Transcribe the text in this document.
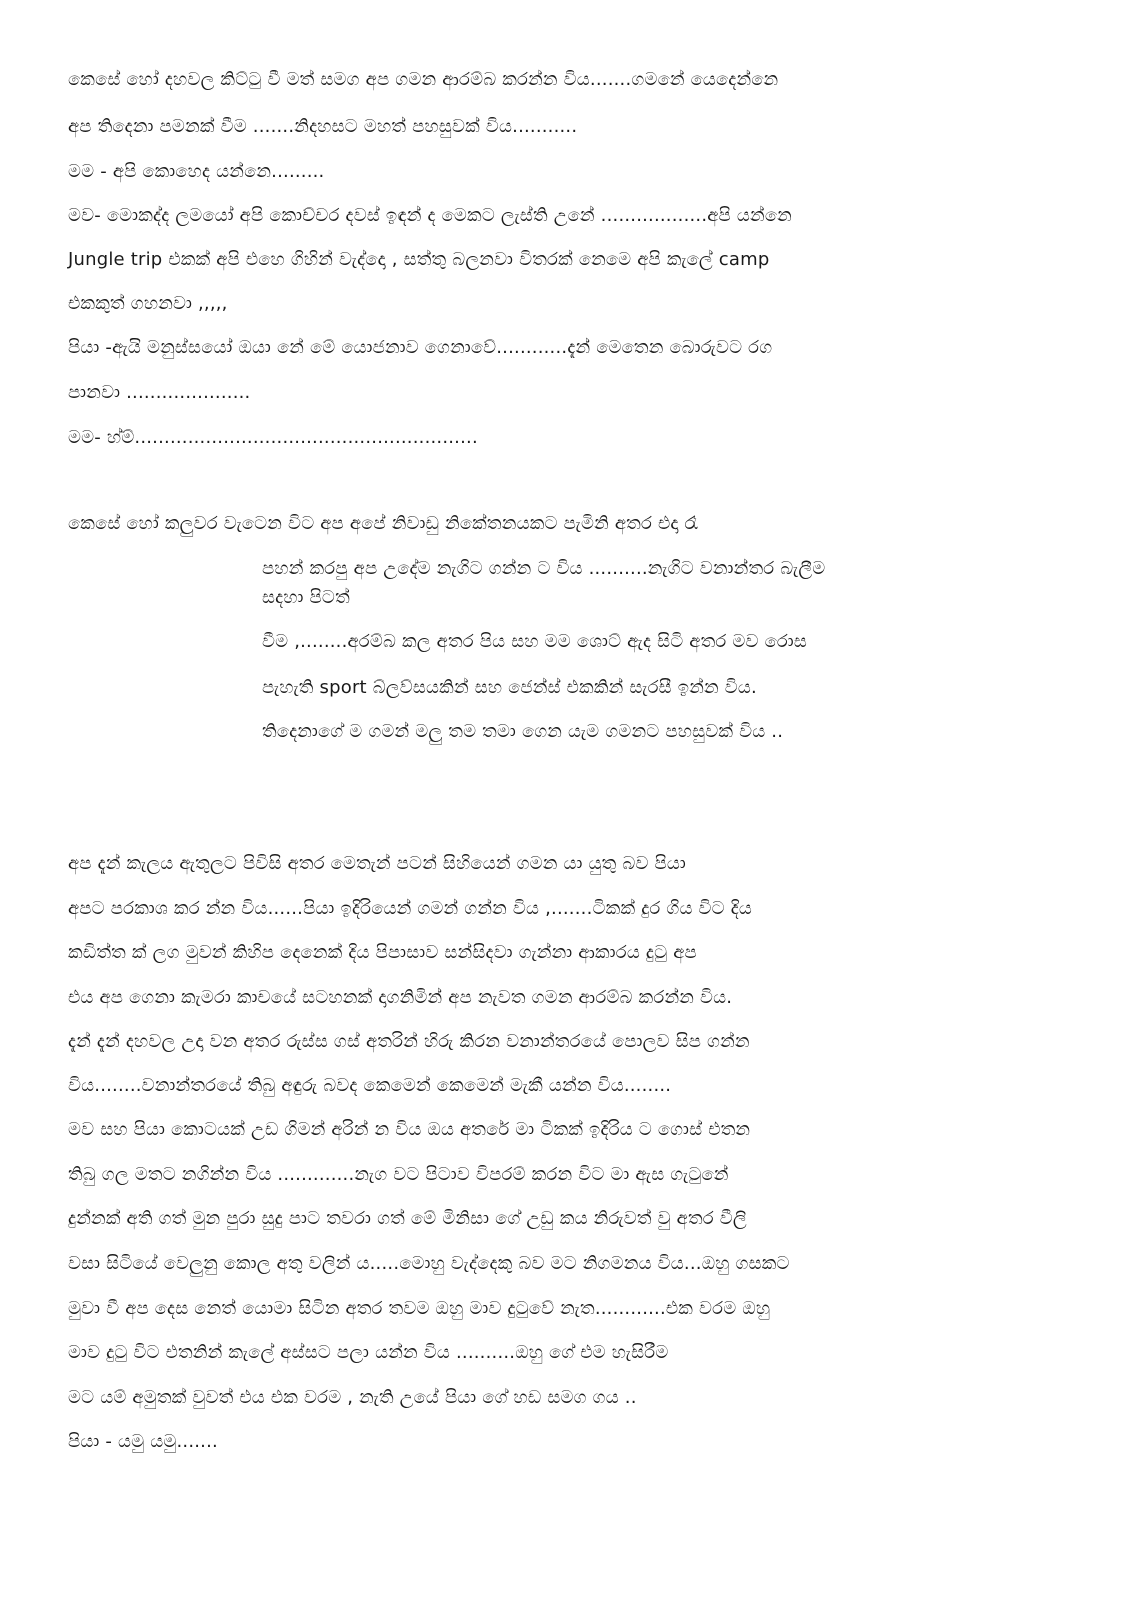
කෙසේ හෝ දහවල කිට්ටු වී මත් සමග අප ගමන ආරම්බ කරන්න විය.......ගමනේ යෙදෙන්නෙ
අප තිදෙනා පමනක් වීම .......නිදහසට මහත් පහසුවක් විය...........
මම - අපි කොහෙද යන්නෙ.........
මව- මොකද්ද ලමයෝ අපි කොච්චර දවස් ඉඳන් ද මෙකට ලැස්ති උනේ ..................අපි යන්නෙ
Jungle trip එකක් අපි එහෙ ගිහින් වැද්දො , සත්තු බලනවා විතරක් නෙමෙ අපි කැලේ camp
එකකුත් ගහනවා ,,,,,
පියා -ඇයි මනුස්සයෝ ඔයා නේ මේ යොජනාව ගෙනාවේ............දැන් මෙතෙන බොරුවට රග
පානවා .....................
මම- හ්ම්..........................................................
කෙසේ හෝ කලුවර වැටෙන විට අප අපේ නිවාඩු නිකේතනයකට පැමිනි අතර එදා රෑ
පහන් කරපු අප උදේම නැගිට ගන්න ට විය ..........නැගිට වනාන්තර බැලීම
සදහා පිටත්
වීම ,........අරම්බ කල අතර පිය සහ මම ශොට් ඇද සිටි අතර මව රොස
පැහැති sport බ්ලව්සයකින් සහ ජෙන්ස් එකකින් සැරසී ඉන්න විය.
තිදෙනාගේ ම ගමන් මලු තම තමා ගෙන යැම ගමනට පහසුවක් විය ..
අප දැන් කැලය ඇතුලට පිවිසි අතර මෙතැන් පටන් සිහියෙන් ගමන යා යුතු බව පියා
අපට පරකාශ කර න්න විය......පියා ඉදිරියෙන් ගමන් ගන්න විය ,.......ටිකක් දුර ගිය විට දිය
කඩිත්ත ක් ලග මුවන් කිහිප දෙනෙක් දිය පිපාසාව සන්සිදවා ගැන්නා ආකාරය දුටු අප
එය අප ගෙනා කැමරා කාචයේ සටහනක් දාගනිමින් අප නැවත ගමන ආරම්බ කරන්න විය.
දැන් දැන් දහවල උදා වන අතර රුස්ස ගස් අතරින් හිරු කිරන වනාන්තරයේ පොලව සිප ගන්න
විය........වනාන්තරයේ තිබු අඳුරු බවද කෙමෙන් කෙමෙන් මැකී යන්න විය........
මව සහ පියා කොටයක් උඩ ගිමන් අරින් න විය ඔය අතරේ මා ටිකක් ඉදිරිය ට ගොස් එතන
තිබු ගල මතට නගින්න විය .............නැග වට පිටාව විපරම් කරන විට මා ඇස ගැටුනේ
දුන්නක් අති ගත් මුන පුරා සුදු පාට තවරා ගත් මේ මිනිසා ගේ උඩු කය නිරුවත් වු අතර වීලි
වසා සිටියේ වෙලුනු කොල අතු වලින් ය.....මොහු වැද්දෙකු බව මට නිගමනය විය...ඔහු ගසකට
මුවා වී අප දෙස නෙත් යොමා සිටින අතර තවම ඔහු මාව දුටුවේ නැත............එක වරම ඔහු
මාව දුටු විට එතනින් කැලේ අස්සට පලා යන්න විය ..........ඔහු ගේ එම හැසිරීම
මට යම් අමුතක් වුවත් එය එක වරම , නැති උයේ පියා ගේ හඩ සමග ගය ..
පියා - යමු යමු.......
